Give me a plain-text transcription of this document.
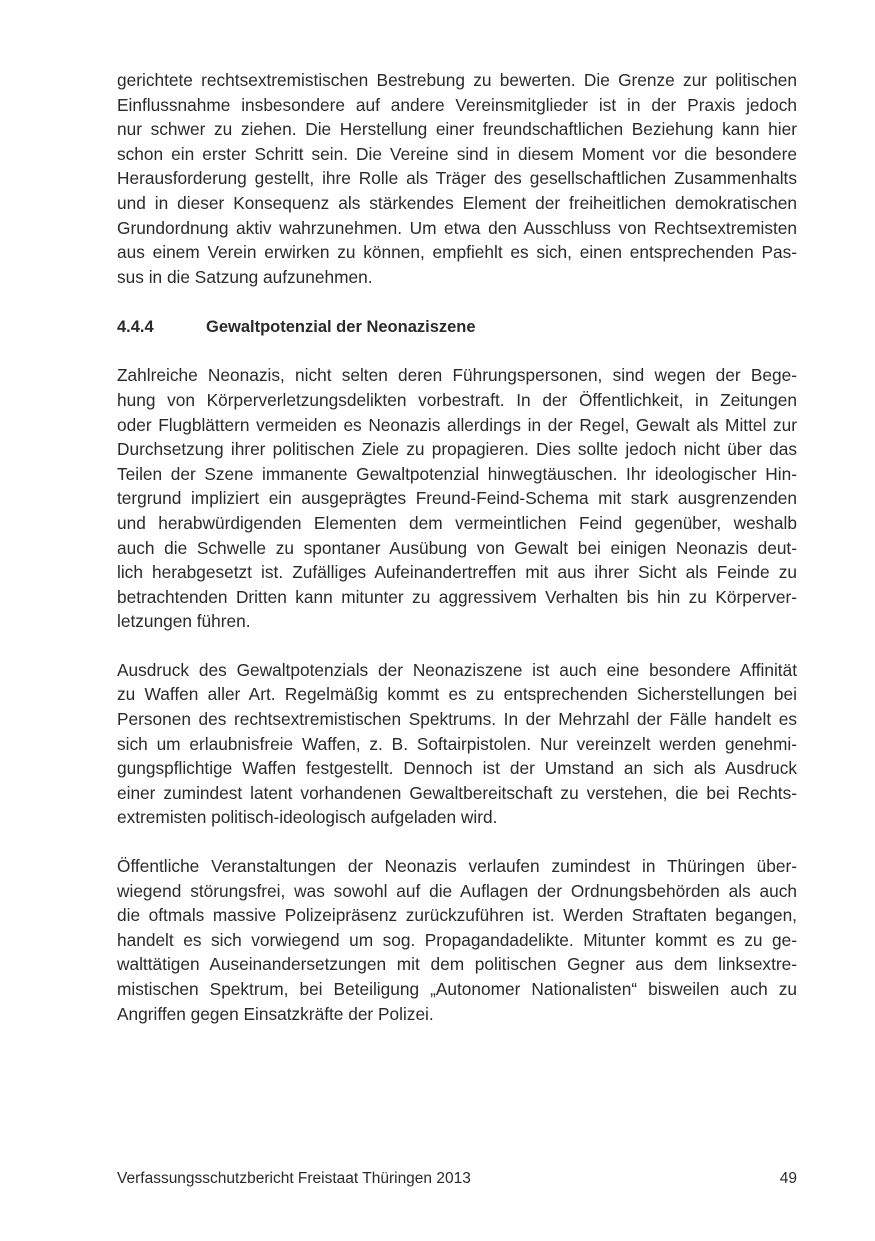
gerichtete rechtsextremistischen Bestrebung zu bewerten. Die Grenze zur politischen
Einflussnahme insbesondere auf andere Vereinsmitglieder ist in der Praxis jedoch
nur schwer zu ziehen. Die Herstellung einer freundschaftlichen Beziehung kann hier
schon ein erster Schritt sein. Die Vereine sind in diesem Moment vor die besondere
Herausforderung gestellt, ihre Rolle als Träger des gesellschaftlichen Zusammenhalts
und in dieser Konsequenz als stärkendes Element der freiheitlichen demokratischen
Grundordnung aktiv wahrzunehmen. Um etwa den Ausschluss von Rechtsextremisten
aus einem Verein erwirken zu können, empfiehlt es sich, einen entsprechenden Pas-
sus in die Satzung aufzunehmen.

4.4.4	Gewaltpotenzial der Neonaziszene

Zahlreiche Neonazis, nicht selten deren Führungspersonen, sind wegen der Bege-
hung von Körperverletzungsdelikten vorbestraft. In der Öffentlichkeit, in Zeitungen
oder Flugblättern vermeiden es Neonazis allerdings in der Regel, Gewalt als Mittel zur
Durchsetzung ihrer politischen Ziele zu propagieren. Dies sollte jedoch nicht über das
Teilen der Szene immanente Gewaltpotenzial hinwegtäuschen. Ihr ideologischer Hin-
tergrund impliziert ein ausgeprägtes Freund-Feind-Schema mit stark ausgrenzenden
und herabwürdigenden Elementen dem vermeintlichen Feind gegenüber, weshalb
auch die Schwelle zu spontaner Ausübung von Gewalt bei einigen Neonazis deut-
lich herabgesetzt ist. Zufälliges Aufeinandertreffen mit aus ihrer Sicht als Feinde zu
betrachtenden Dritten kann mitunter zu aggressivem Verhalten bis hin zu Körperver-
letzungen führen.

Ausdruck des Gewaltpotenzials der Neonaziszene ist auch eine besondere Affinität
zu Waffen aller Art. Regelmäßig kommt es zu entsprechenden Sicherstellungen bei
Personen des rechtsextremistischen Spektrums. In der Mehrzahl der Fälle handelt es
sich um erlaubnisfreie Waffen, z. B. Softairpistolen. Nur vereinzelt werden genehmi-
gungspflichtige Waffen festgestellt. Dennoch ist der Umstand an sich als Ausdruck
einer zumindest latent vorhandenen Gewaltbereitschaft zu verstehen, die bei Rechts-
extremisten politisch-ideologisch aufgeladen wird.

Öffentliche Veranstaltungen der Neonazis verlaufen zumindest in Thüringen über-
wiegend störungsfrei, was sowohl auf die Auflagen der Ordnungsbehörden als auch
die oftmals massive Polizeipräsenz zurückzuführen ist. Werden Straftaten begangen,
handelt es sich vorwiegend um sog. Propagandadelikte. Mitunter kommt es zu ge-
walttätigen Auseinandersetzungen mit dem politischen Gegner aus dem linksextre-
mistischen Spektrum, bei Beteiligung „Autonomer Nationalisten“ bisweilen auch zu
Angriffen gegen Einsatzkräfte der Polizei.

Verfassungsschutzbericht Freistaat Thüringen 2013	49
